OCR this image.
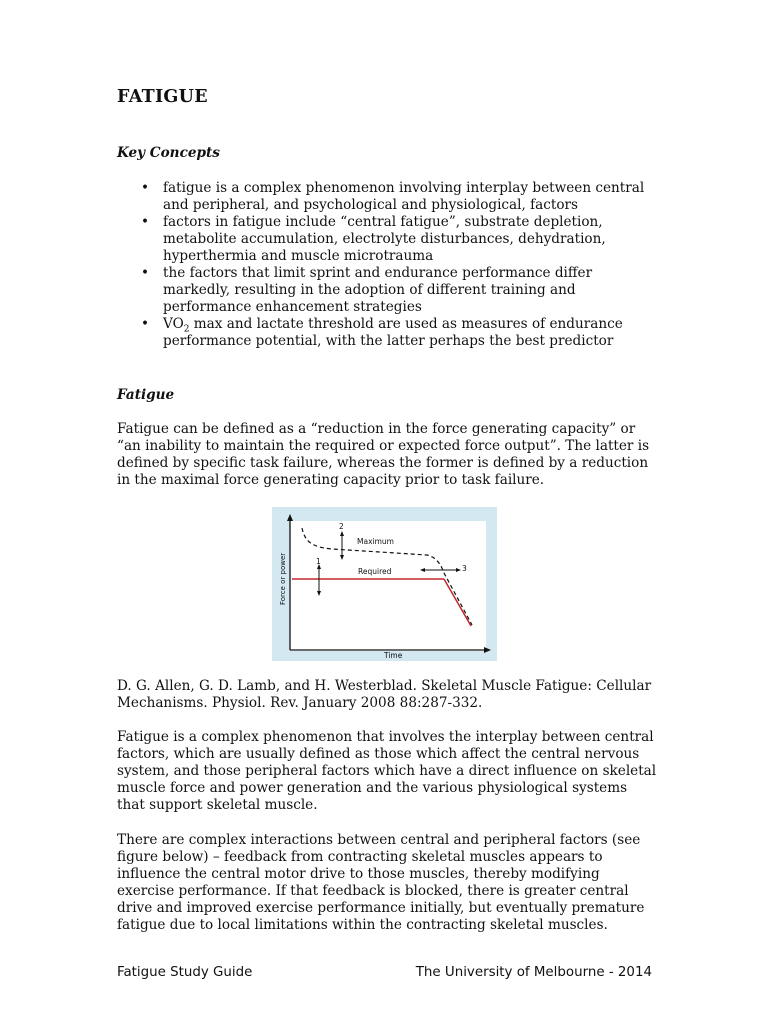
FATIGUE
Key Concepts
• fatigue is a complex phenomenon involving interplay between central and peripheral, and psychological and physiological, factors
• factors in fatigue include “central fatigue”, substrate depletion, metabolite accumulation, electrolyte disturbances, dehydration, hyperthermia and muscle microtrauma
• the factors that limit sprint and endurance performance differ markedly, resulting in the adoption of different training and performance enhancement strategies
• $VO_2$ max and lactate threshold are used as measures of endurance performance potential, with the latter perhaps the best predictor
Fatigue

Fatigue can be defined as a “reduction in the force generating capacity” or “an inability to maintain the required or expected force output”. The latter is defined by specific task failure, whereas the former is defined by a reduction in the maximal force generating capacity prior to task failure.

1
2
3
Maximum
Required
Time
Force or power

D. G. Allen, G. D. Lamb, and H. Westerblad. Skeletal Muscle Fatigue: Cellular Mechanisms. Physiol. Rev. January 2008 88:287-332.

Fatigue is a complex phenomenon that involves the interplay between central factors, which are usually defined as those which affect the central nervous system, and those peripheral factors which have a direct influence on skeletal muscle force and power generation and the various physiological systems that support skeletal muscle.

There are complex interactions between central and peripheral factors (see figure below) – feedback from contracting skeletal muscles appears to influence the central motor drive to those muscles, thereby modifying exercise performance. If that feedback is blocked, there is greater central drive and improved exercise performance initially, but eventually premature fatigue due to local limitations within the contracting skeletal muscles.

Fatigue Study Guide	The University of Melbourne - 2014
